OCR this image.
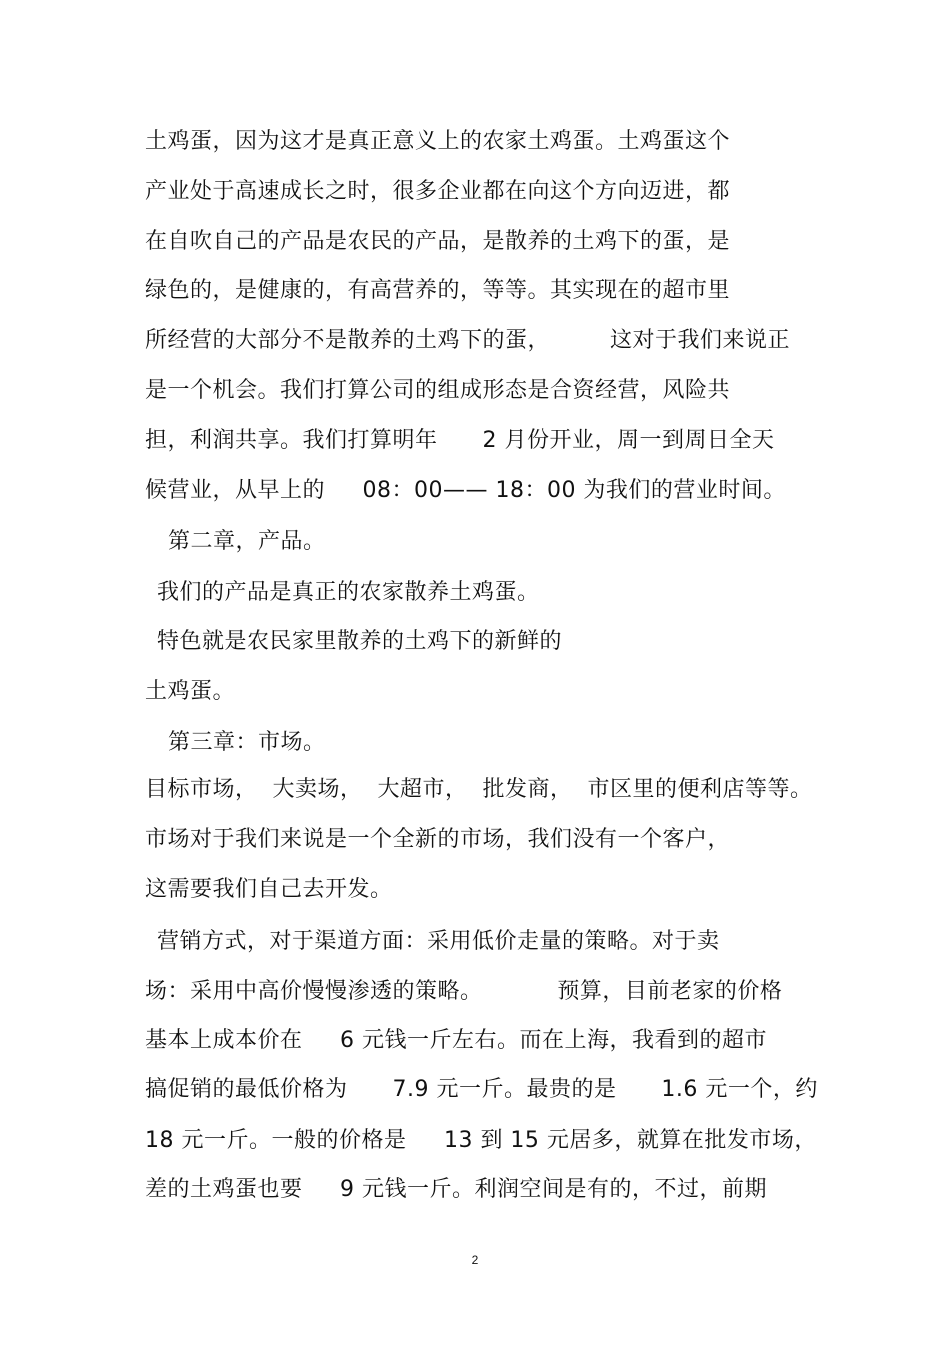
土鸡蛋，因为这才是真正意义上的农家土鸡蛋。土鸡蛋这个
产业处于高速成长之时，很多企业都在向这个方向迈进，都
在自吹自己的产品是农民的产品，是散养的土鸡下的蛋，是
绿色的，是健康的，有高营养的，等等。其实现在的超市里
所经营的大部分不是散养的土鸡下的蛋，        这对于我们来说正
是一个机会。我们打算公司的组成形态是合资经营，风险共
担，利润共享。我们打算明年      2 月份开业，周一到周日全天
候营业，从早上的     08：00—— 18：00 为我们的营业时间。
第二章，产品。
我们的产品是真正的农家散养土鸡蛋。
特色就是农民家里散养的土鸡下的新鲜的
土鸡蛋。
第三章：市场。
目标市场，  大卖场，  大超市，  批发商，  市区里的便利店等等。
市场对于我们来说是一个全新的市场，我们没有一个客户，
这需要我们自己去开发。
营销方式，对于渠道方面：采用低价走量的策略。对于卖
场：采用中高价慢慢渗透的策略。          预算，目前老家的价格
基本上成本价在     6 元钱一斤左右。而在上海，我看到的超市
搞促销的最低价格为      7.9 元一斤。最贵的是      1.6 元一个，约
18 元一斤。一般的价格是     13 到 15 元居多，就算在批发市场，
差的土鸡蛋也要     9 元钱一斤。利润空间是有的，不过，前期
2
